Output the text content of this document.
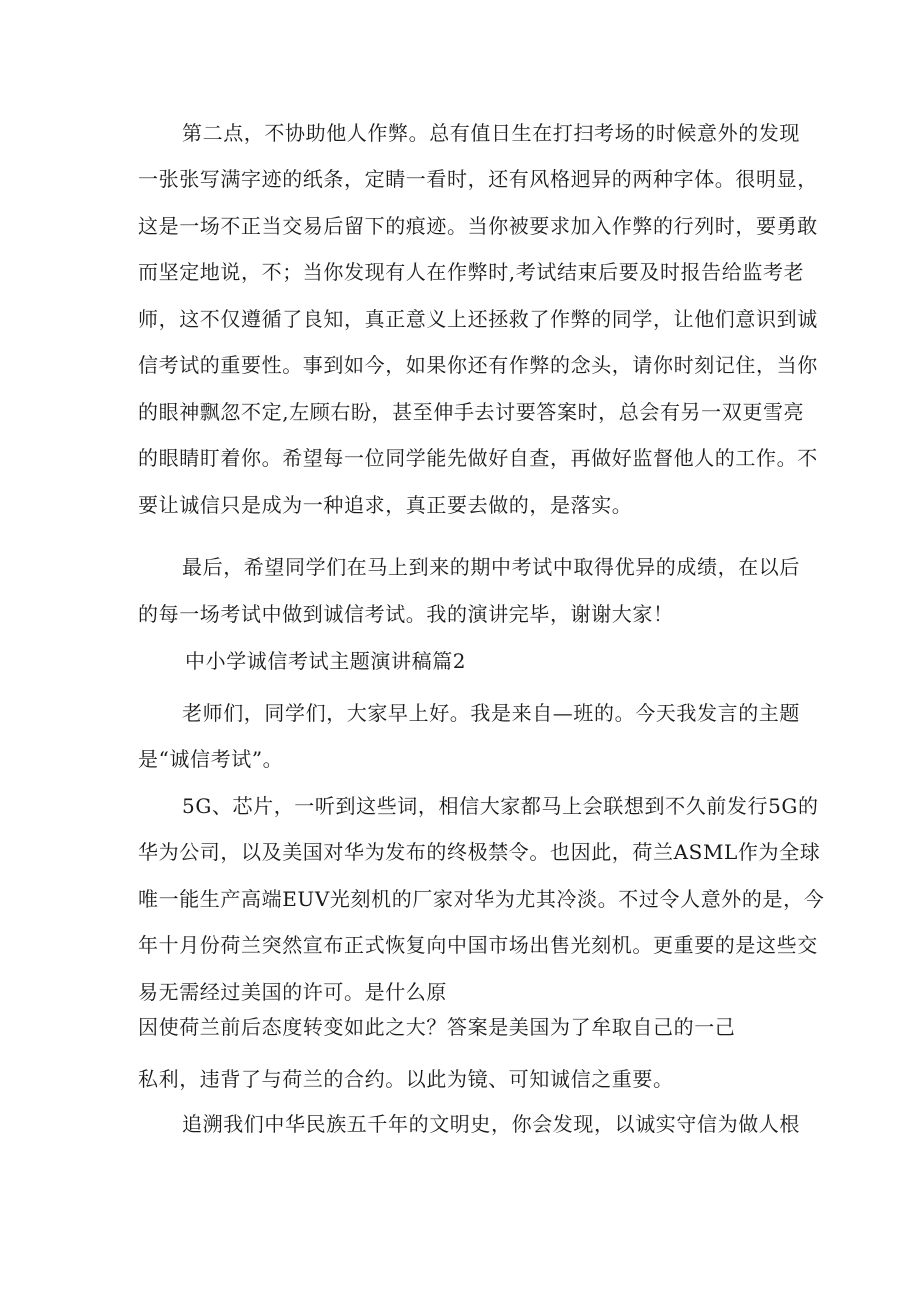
第二点，不协助他人作弊。总有值日生在打扫考场的时候意外的发现
一张张写满字迹的纸条，定睛一看时，还有风格迥异的两种字体。很明显，
这是一场不正当交易后留下的痕迹。当你被要求加入作弊的行列时，要勇敢
而坚定地说，不；当你发现有人在作弊时,考试结束后要及时报告给监考老
师，这不仅遵循了良知，真正意义上还拯救了作弊的同学，让他们意识到诚
信考试的重要性。事到如今，如果你还有作弊的念头，请你时刻记住，当你
的眼神飘忽不定,左顾右盼，甚至伸手去讨要答案时，总会有另一双更雪亮
的眼睛盯着你。希望每一位同学能先做好自查，再做好监督他人的工作。不
要让诚信只是成为一种追求，真正要去做的，是落实。
最后，希望同学们在马上到来的期中考试中取得优异的成绩，在以后
的每一场考试中做到诚信考试。我的演讲完毕，谢谢大家！
中小学诚信考试主题演讲稿篇2
老师们，同学们，大家早上好。我是来自—班的。今天我发言的主题
是“诚信考试”。
5G、芯片，一听到这些词，相信大家都马上会联想到不久前发行5G的
华为公司，以及美国对华为发布的终极禁令。也因此，荷兰ASML作为全球
唯一能生产高端EUV光刻机的厂家对华为尤其冷淡。不过令人意外的是，今
年十月份荷兰突然宣布正式恢复向中国市场出售光刻机。更重要的是这些交
易无需经过美国的许可。是什么原
因使荷兰前后态度转变如此之大？答案是美国为了牟取自己的一己
私利，违背了与荷兰的合约。以此为镜、可知诚信之重要。
追溯我们中华民族五千年的文明史，你会发现，以诚实守信为做人根
